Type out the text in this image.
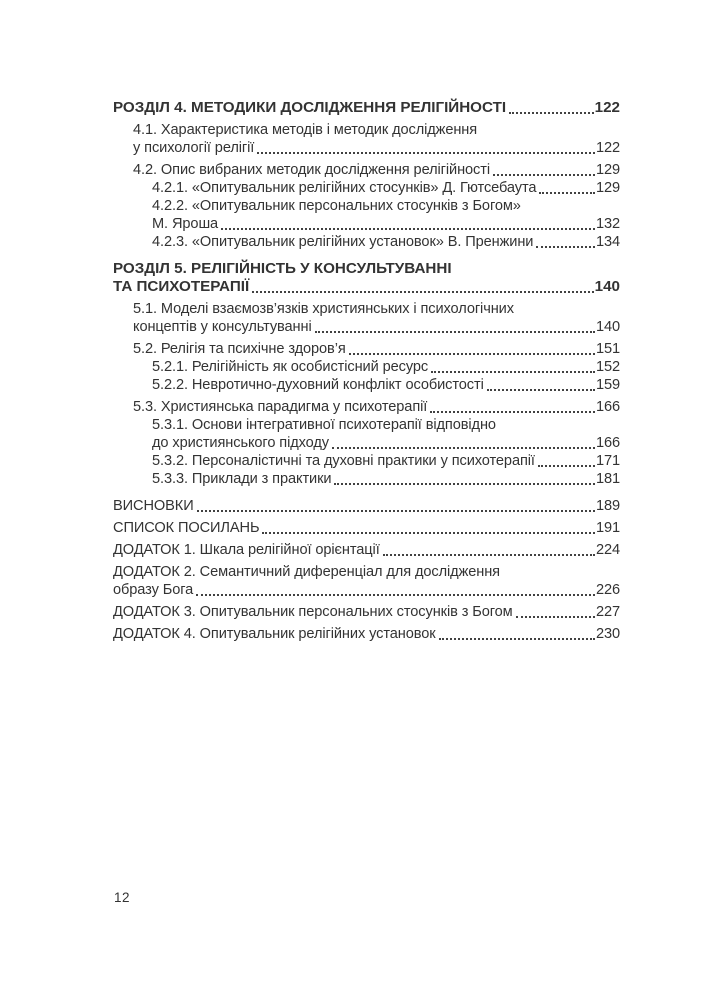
РОЗДІЛ 4. МЕТОДИКИ ДОСЛІДЖЕННЯ РЕЛІГІЙНОСТІ	122
4.1. Характеристика методів і методик дослідження
у психології релігії	122
4.2. Опис вибраних методик дослідження релігійності	129
4.2.1. «Опитувальник релігійних стосунків» Д. Гютсебаута	129
4.2.2. «Опитувальник персональних стосунків з Богом»
М. Яроша	132
4.2.3. «Опитувальник релігійних установок» В. Пренжини	134
РОЗДІЛ 5. РЕЛІГІЙНІСТЬ У КОНСУЛЬТУВАННІ
ТА ПСИХОТЕРАПІЇ	140
5.1. Моделі взаємозв’язків християнських і психологічних
концептів у консультуванні	140
5.2. Релігія та психічне здоров’я	151
5.2.1. Релігійність як особистісний ресурс	152
5.2.2. Невротично-духовний конфлікт особистості	159
5.3. Християнська парадигма у психотерапії	166
5.3.1. Основи інтегративної психотерапії відповідно
до християнського підходу	166
5.3.2. Персоналістичні та духовні практики у психотерапії	171
5.3.3. Приклади з практики	181
ВИСНОВКИ	189
СПИСОК ПОСИЛАНЬ	191
ДОДАТОК 1. Шкала релігійної орієнтації	224
ДОДАТОК 2. Семантичний диференціал для дослідження
образу Бога	226
ДОДАТОК 3. Опитувальник персональних стосунків з Богом	227
ДОДАТОК 4. Опитувальник релігійних установок	230
12
